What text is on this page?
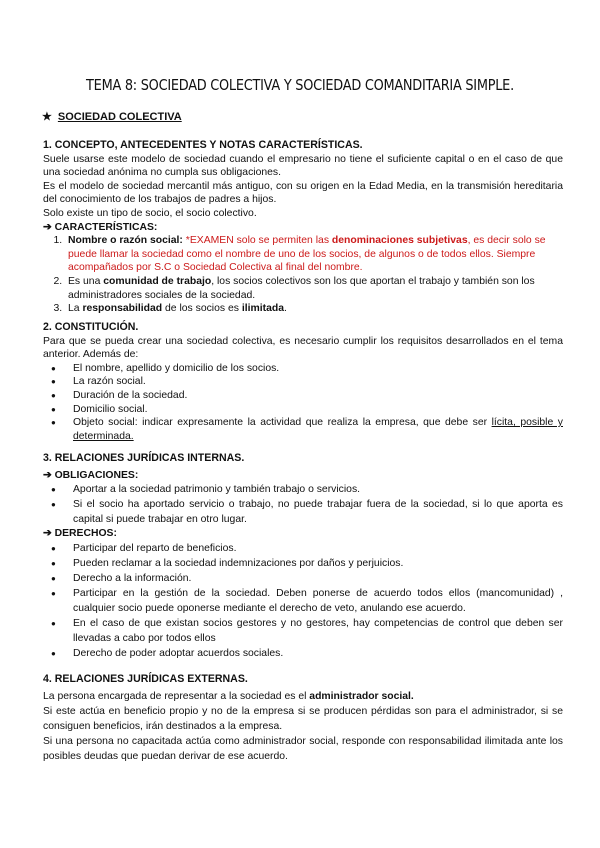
TEMA 8: SOCIEDAD COLECTIVA Y SOCIEDAD COMANDITARIA SIMPLE.
★ SOCIEDAD COLECTIVA
1. CONCEPTO, ANTECEDENTES Y NOTAS CARACTERÍSTICAS.

Suele usarse este modelo de sociedad cuando el empresario no tiene el suficiente capital o en el caso de que una sociedad anónima no cumpla sus obligaciones.

Es el modelo de sociedad mercantil más antiguo, con su origen en la Edad Media, en la transmisión hereditaria del conocimiento de los trabajos de padres a hijos.

Solo existe un tipo de socio, el socio colectivo.

➔ CARACTERÍSTICAS:
1. Nombre o razón social: *EXAMEN solo se permiten las denominaciones subjetivas, es decir solo se puede llamar la sociedad como el nombre de uno de los socios, de algunos o de todos ellos. Siempre acompañados por S.C o Sociedad Colectiva al final del nombre.
2. Es una comunidad de trabajo, los socios colectivos son los que aportan el trabajo y también son los administradores sociales de la sociedad.
3. La responsabilidad de los socios es ilimitada.
2. CONSTITUCIÓN.

Para que se pueda crear una sociedad colectiva, es necesario cumplir los requisitos desarrollados en el tema anterior. Además de:

● El nombre, apellido y domicilio de los socios.
● La razón social.
● Duración de la sociedad.
● Domicilio social.
● Objeto social: indicar expresamente la actividad que realiza la empresa, que debe ser lícita, posible y determinada.
3. RELACIONES JURÍDICAS INTERNAS.
➔ OBLIGACIONES:
● Aportar a la sociedad patrimonio y también trabajo o servicios.
● Si el socio ha aportado servicio o trabajo, no puede trabajar fuera de la sociedad, si lo que aporta es capital si puede trabajar en otro lugar.
➔ DERECHOS:
● Participar del reparto de beneficios.
● Pueden reclamar a la sociedad indemnizaciones por daños y perjuicios.
● Derecho a la información.
● Participar en la gestión de la sociedad. Deben ponerse de acuerdo todos ellos (mancomunidad) , cualquier socio puede oponerse mediante el derecho de veto, anulando ese acuerdo.
● En el caso de que existan socios gestores y no gestores, hay competencias de control que deben ser llevadas a cabo por todos ellos
● Derecho de poder adoptar acuerdos sociales.
4. RELACIONES JURÍDICAS EXTERNAS.

La persona encargada de representar a la sociedad es el administrador social.

Si este actúa en beneficio propio y no de la empresa si se producen pérdidas son para el administrador, si se consiguen beneficios, irán destinados a la empresa.

Si una persona no capacitada actúa como administrador social, responde con responsabilidad ilimitada ante los posibles deudas que puedan derivar de ese acuerdo.
